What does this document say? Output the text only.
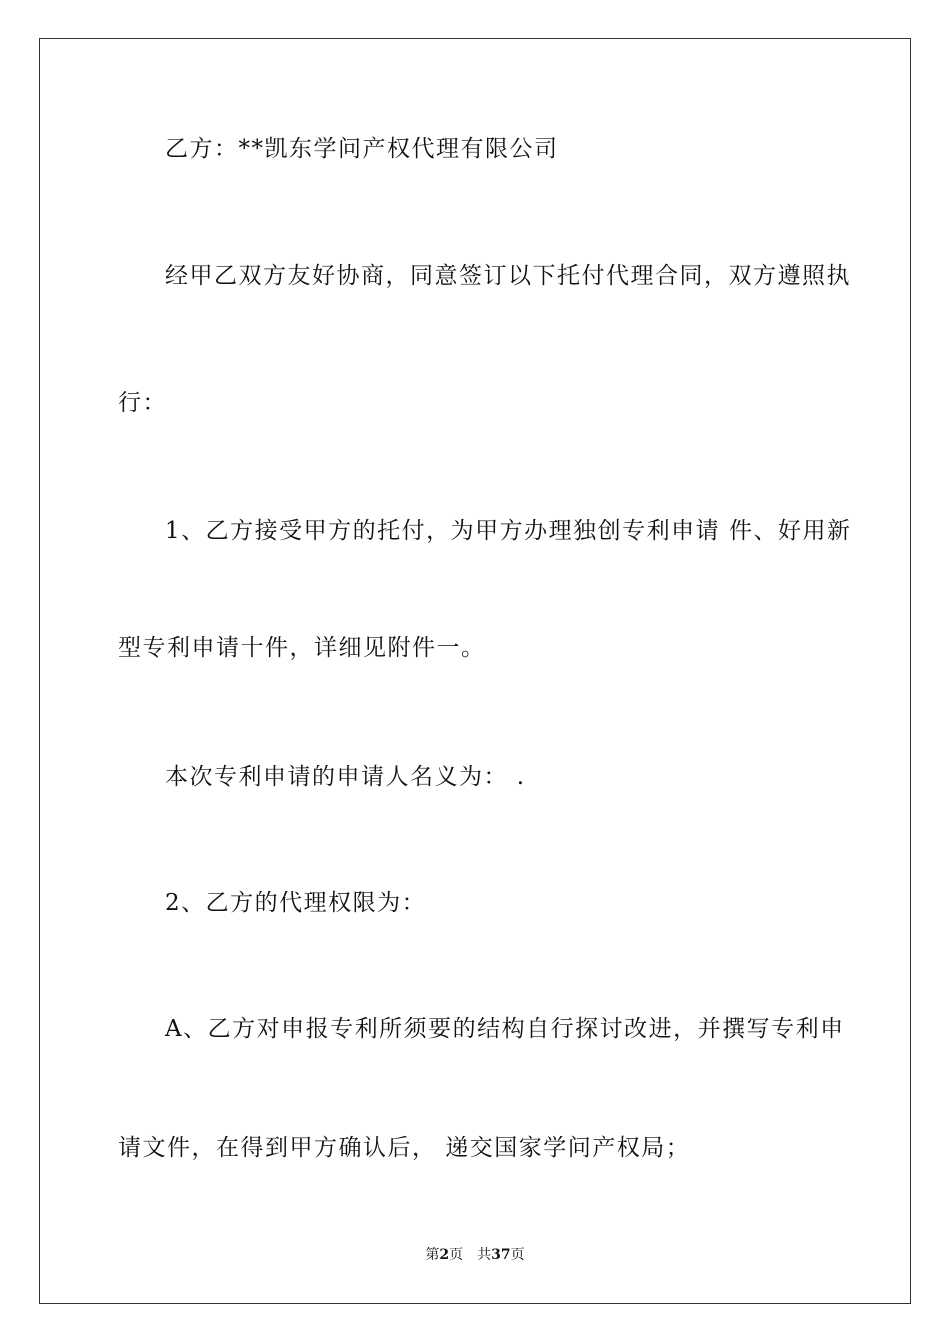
乙方：**凯东学问产权代理有限公司
经甲乙双方友好协商，同意签订以下托付代理合同，双方遵照执
行：
1、乙方接受甲方的托付，为甲方办理独创专利申请 件、好用新
型专利申请十件，详细见附件一。
本次专利申请的申请人名义为： .
2、乙方的代理权限为：
A、乙方对申报专利所须要的结构自行探讨改进，并撰写专利申
请文件，在得到甲方确认后， 递交国家学问产权局；
第2页 共37页
